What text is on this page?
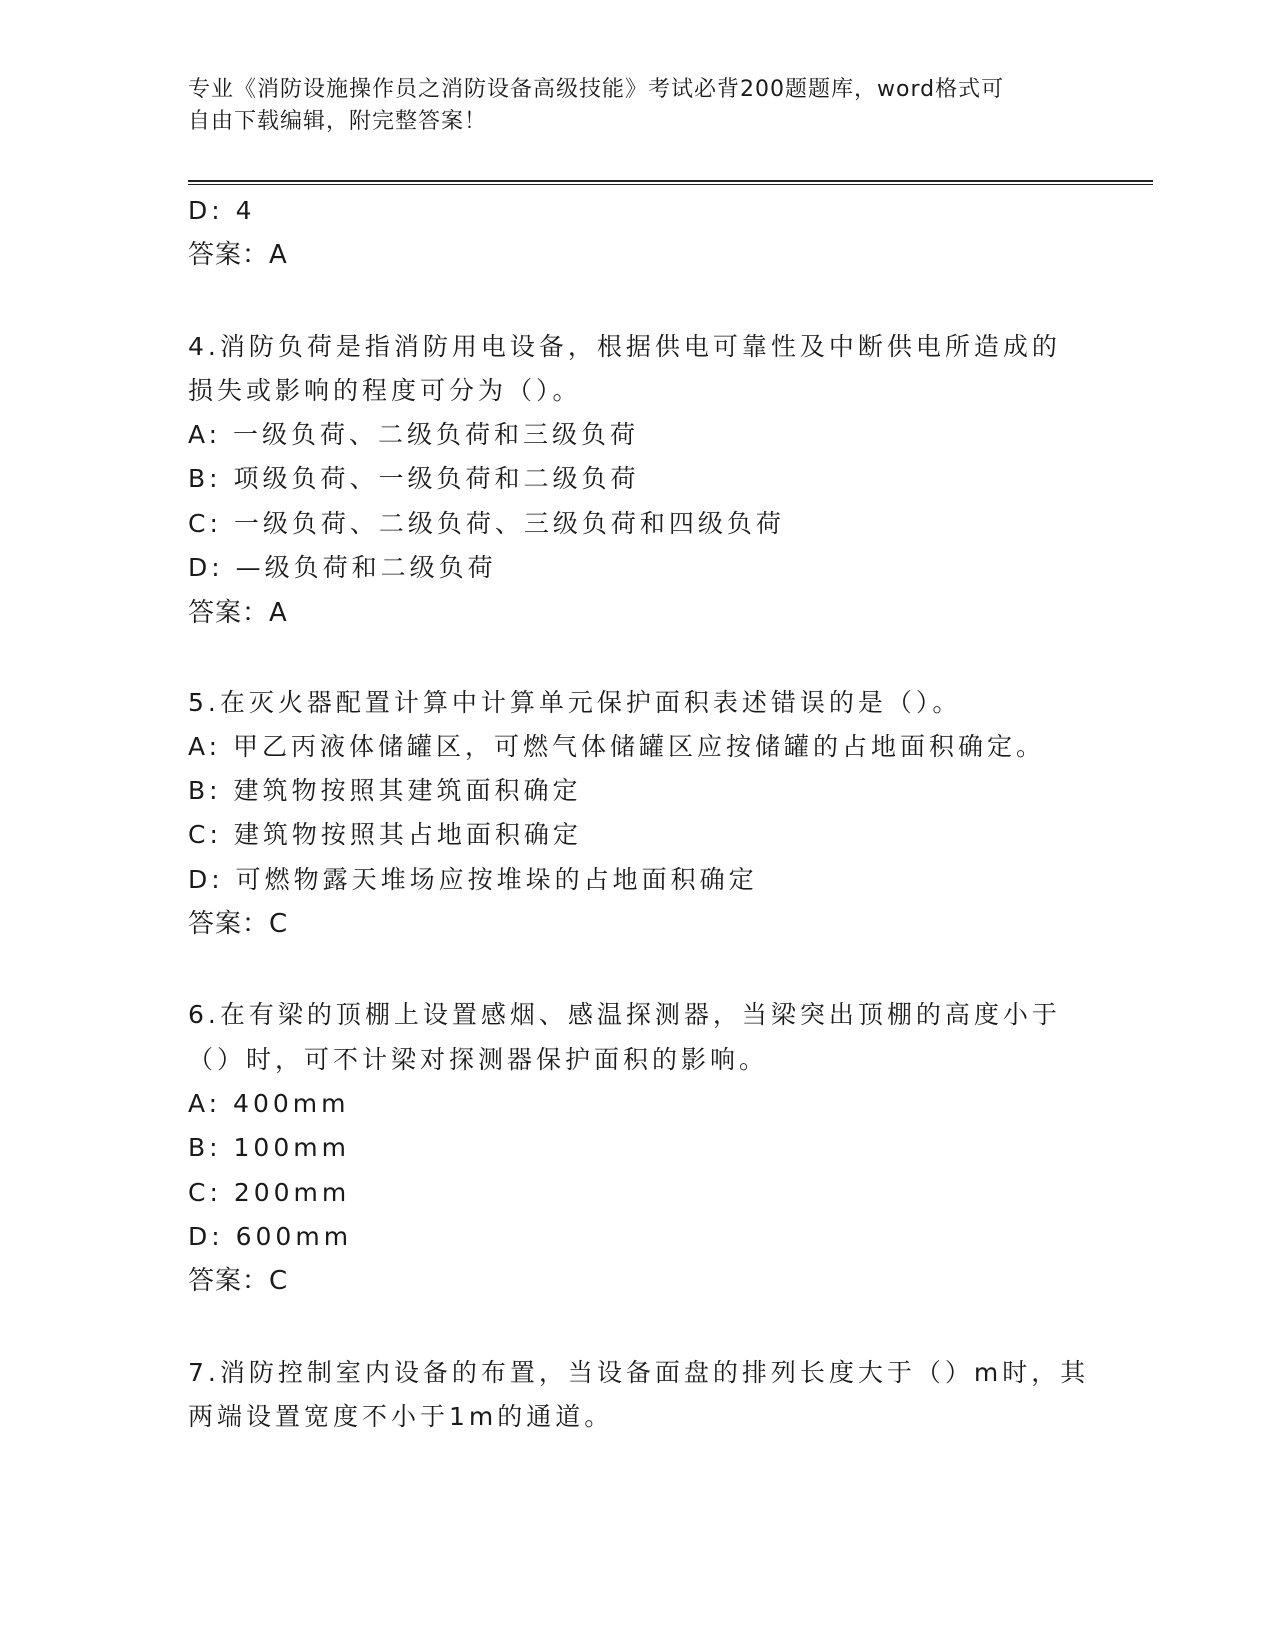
专业《消防设施操作员之消防设备高级技能》考试必背200题题库，word格式可
自由下载编辑，附完整答案！
D: 4
答案：A
4.消防负荷是指消防用电设备，根据供电可靠性及中断供电所造成的
损失或影响的程度可分为（）。
A: 一级负荷、二级负荷和三级负荷
B: 项级负荷、一级负荷和二级负荷
C: 一级负荷、二级负荷、三级负荷和四级负荷
D: —级负荷和二级负荷
答案：A
5.在灭火器配置计算中计算单元保护面积表述错误的是（）。
A: 甲乙丙液体储罐区，可燃气体储罐区应按储罐的占地面积确定。
B: 建筑物按照其建筑面积确定
C: 建筑物按照其占地面积确定
D: 可燃物露天堆场应按堆垛的占地面积确定
答案：C
6.在有梁的顶棚上设置感烟、感温探测器，当梁突出顶棚的高度小于
（）时，可不计梁对探测器保护面积的影响。
A: 400mm
B: 100mm
C: 200mm
D: 600mm
答案：C
7.消防控制室内设备的布置，当设备面盘的排列长度大于（）m时，其
两端设置宽度不小于1m的通道。
